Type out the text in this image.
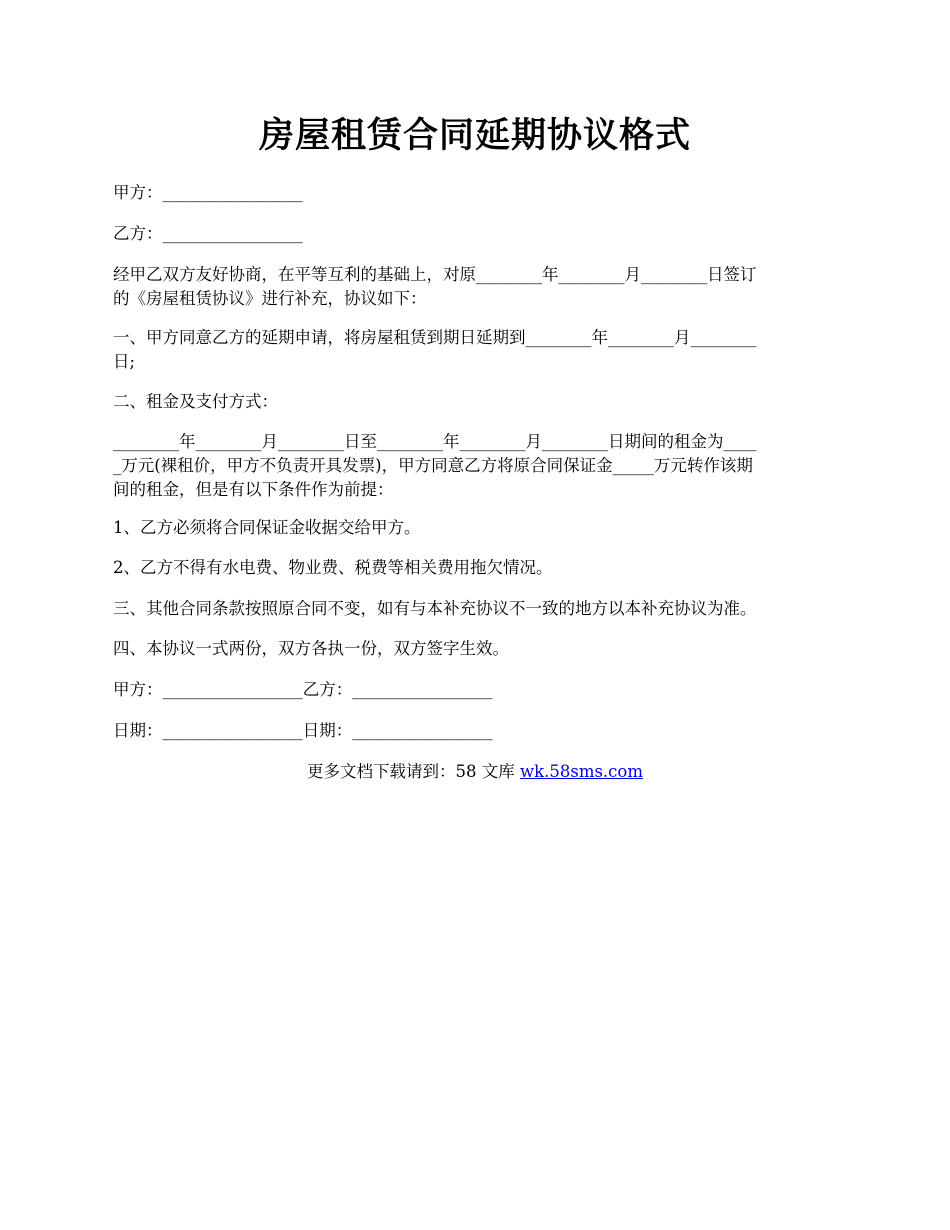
房屋租赁合同延期协议格式
甲方：_________________
乙方：_________________
经甲乙双方友好协商，在平等互利的基础上，对原________年________月________日签订
的《房屋租赁协议》进行补充，协议如下：
一、甲方同意乙方的延期申请，将房屋租赁到期日延期到________年________月________
日;
二、租金及支付方式：
________年________月________日至________年________月________日期间的租金为____
_万元(裸租价，甲方不负责开具发票)，甲方同意乙方将原合同保证金_____万元转作该期
间的租金，但是有以下条件作为前提：
1、乙方必须将合同保证金收据交给甲方。
2、乙方不得有水电费、物业费、税费等相关费用拖欠情况。
三、其他合同条款按照原合同不变，如有与本补充协议不一致的地方以本补充协议为准。
四、本协议一式两份，双方各执一份，双方签字生效。
甲方：_________________乙方：_________________
日期：_________________日期：_________________
更多文档下载请到：58 文库 wk.58sms.com
